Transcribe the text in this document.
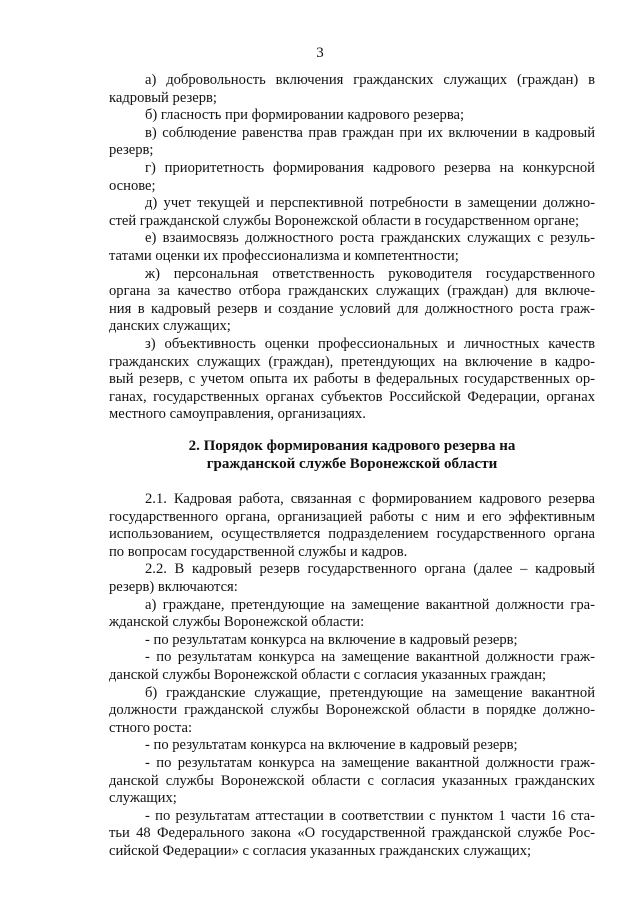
3
а) добровольность включения гражданских служащих (граждан) в
кадровый резерв;
б) гласность при формировании кадрового резерва;
в) соблюдение равенства прав граждан при их включении в кадровый
резерв;
г) приоритетность формирования кадрового резерва на конкурсной
основе;
д) учет текущей и перспективной потребности в замещении должно-
стей гражданской службы Воронежской области в государственном органе;
е) взаимосвязь должностного роста гражданских служащих с резуль-
татами оценки их профессионализма и компетентности;
ж) персональная ответственность руководителя государственного
органа за качество отбора гражданских служащих (граждан) для включе-
ния в кадровый резерв и создание условий для должностного роста граж-
данских служащих;
з) объективность оценки профессиональных и личностных качеств
гражданских служащих (граждан), претендующих на включение в кадро-
вый резерв, с учетом опыта их работы в федеральных государственных ор-
ганах, государственных органах субъектов Российской Федерации, органах
местного самоуправления, организациях.
2. Порядок формирования кадрового резерва на
гражданской службе Воронежской области
2.1. Кадровая работа, связанная с формированием кадрового резерва
государственного органа, организацией работы с ним и его эффективным
использованием, осуществляется подразделением государственного органа
по вопросам государственной службы и кадров.
2.2. В кадровый резерв государственного органа (далее – кадровый
резерв) включаются:
а) граждане, претендующие на замещение вакантной должности гра-
жданской службы Воронежской области:
- по результатам конкурса на включение в кадровый резерв;
- по результатам конкурса на замещение вакантной должности граж-
данской службы Воронежской области с согласия указанных граждан;
б) гражданские служащие, претендующие на замещение вакантной
должности гражданской службы Воронежской области в порядке должно-
стного роста:
- по результатам конкурса на включение в кадровый резерв;
- по результатам конкурса на замещение вакантной должности граж-
данской службы Воронежской области с согласия указанных гражданских
служащих;
- по результатам аттестации в соответствии с пунктом 1 части 16 ста-
тьи 48 Федерального закона «О государственной гражданской службе Рос-
сийской Федерации» с согласия указанных гражданских служащих;
